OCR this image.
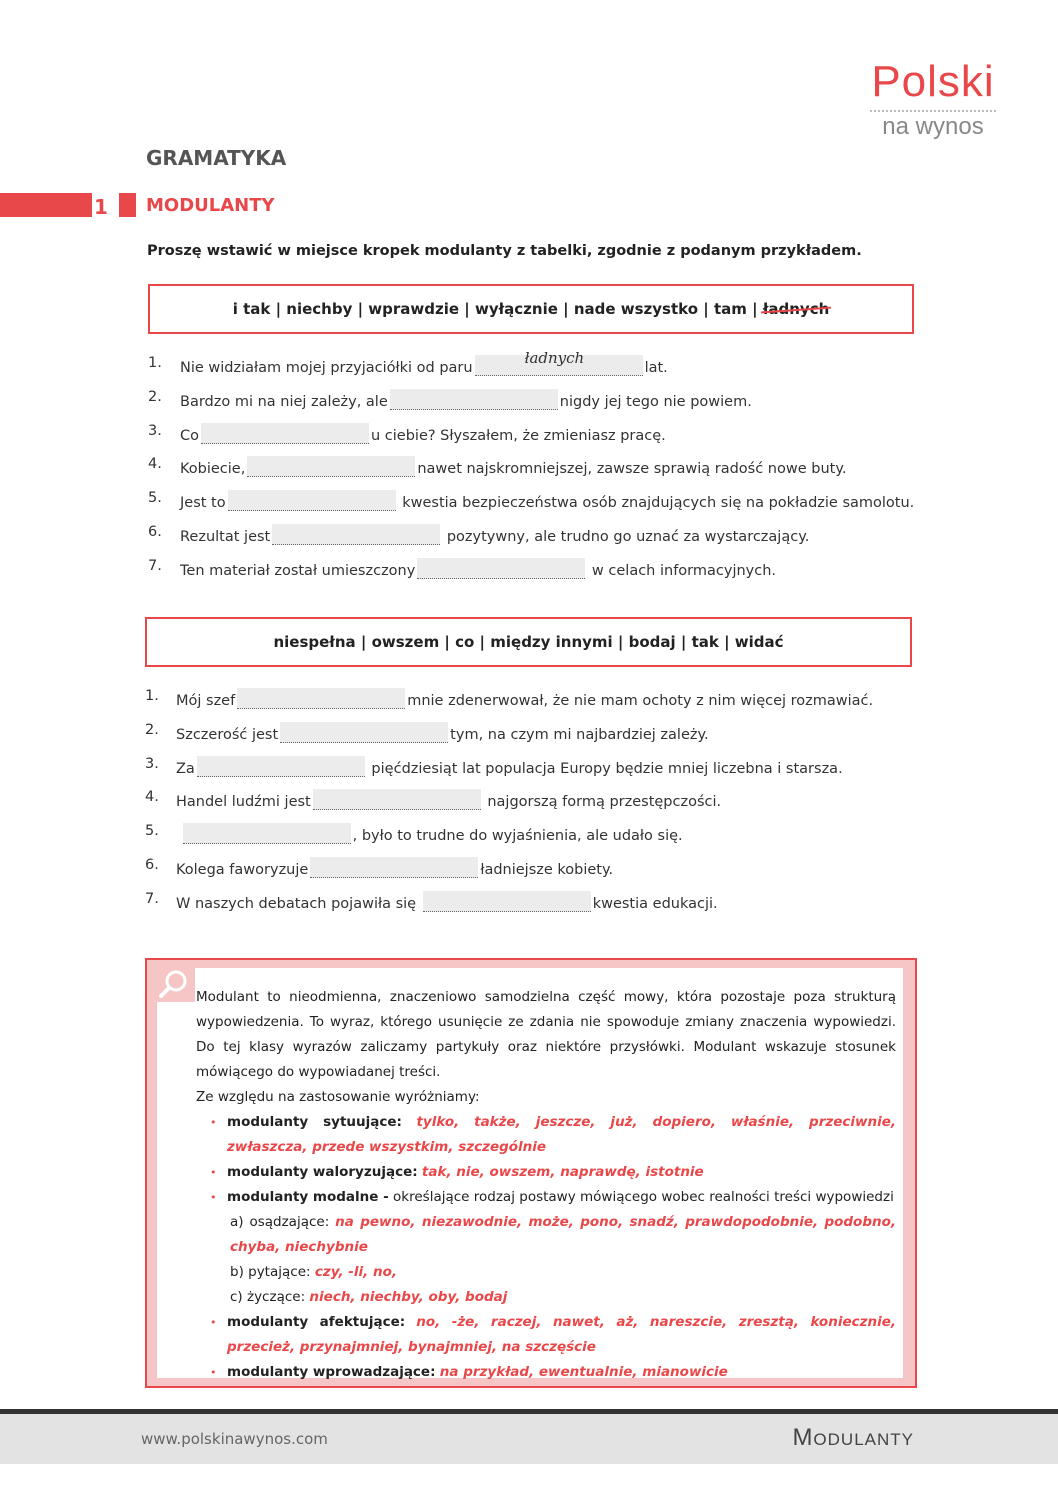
Polski
na wynos
GRAMATYKA
1 MODULANTY
Proszę wstawić w miejsce kropek modulanty z tabelki, zgodnie z podanym przykładem.
i tak | niechby | wprawdzie | wyłącznie | nade wszystko | tam | ładnych
1.	Nie widziałam mojej przyjaciółki od paru
ładnych
lat.
2.	Bardzo mi na niej zależy, ale	nigdy jej tego nie powiem.
3.	Co	u ciebie? Słyszałem, że zmieniasz pracę.
4.	Kobiecie,	nawet najskromniejszej, zawsze sprawią radość nowe buty.
5.	Jest to	kwestia bezpieczeństwa osób znajdujących się na pokładzie samolotu.
6.	Rezultat jest	pozytywny, ale trudno go uznać za wystarczający.
7.	Ten materiał został umieszczony	w celach informacyjnych.
niespełna | owszem | co | między innymi | bodaj | tak | widać
1.	Mój szef	mnie zdenerwował, że nie mam ochoty z nim więcej rozmawiać.
2.	Szczerość jest	tym, na czym mi najbardziej zależy.
3.	Za	pięćdziesiąt lat populacja Europy będzie mniej liczebna i starsza.
4.	Handel ludźmi jest	najgorszą formą przestępczości.
5.	, było to trudne do wyjaśnienia, ale udało się.
6.	Kolega faworyzuje	ładniejsze kobiety.
7.	W naszych debatach pojawiła się	kwestia edukacji.

Modulant to nieodmienna, znaczeniowo samodzielna część mowy, która pozostaje poza strukturą wypowiedzenia. To wyraz, którego usunięcie ze zdania nie spowoduje zmiany znaczenia wypowiedzi. Do tej klasy wyrazów zaliczamy partykuły oraz niektóre przysłówki. Modulant wskazuje stosunek mówiącego do wypowiadanej treści.

Ze względu na zastosowanie wyróżniamy:

• modulanty sytuujące: tylko, także, jeszcze, już, dopiero, właśnie, przeciwnie, zwłaszcza, przede wszystkim, szczególnie
• modulanty waloryzujące: tak, nie, owszem, naprawdę, istotnie
• modulanty modalne - określające rodzaj postawy mówiącego wobec realności treści wypowiedzi
a) osądzające: na pewno, niezawodnie, może, pono, snadź, prawdopodobnie, podobno, chyba, niechybnie
b) pytające: czy, -li, no,
c) życzące: niech, niechby, oby, bodaj
• modulanty afektujące: no, -że, raczej, nawet, aż, nareszcie, zresztą, koniecznie, przecież, przynajmniej, bynajmniej, na szczęście
• modulanty wprowadzające: na przykład, ewentualnie, mianowicie
www.polskinawynos.com	Modulanty
